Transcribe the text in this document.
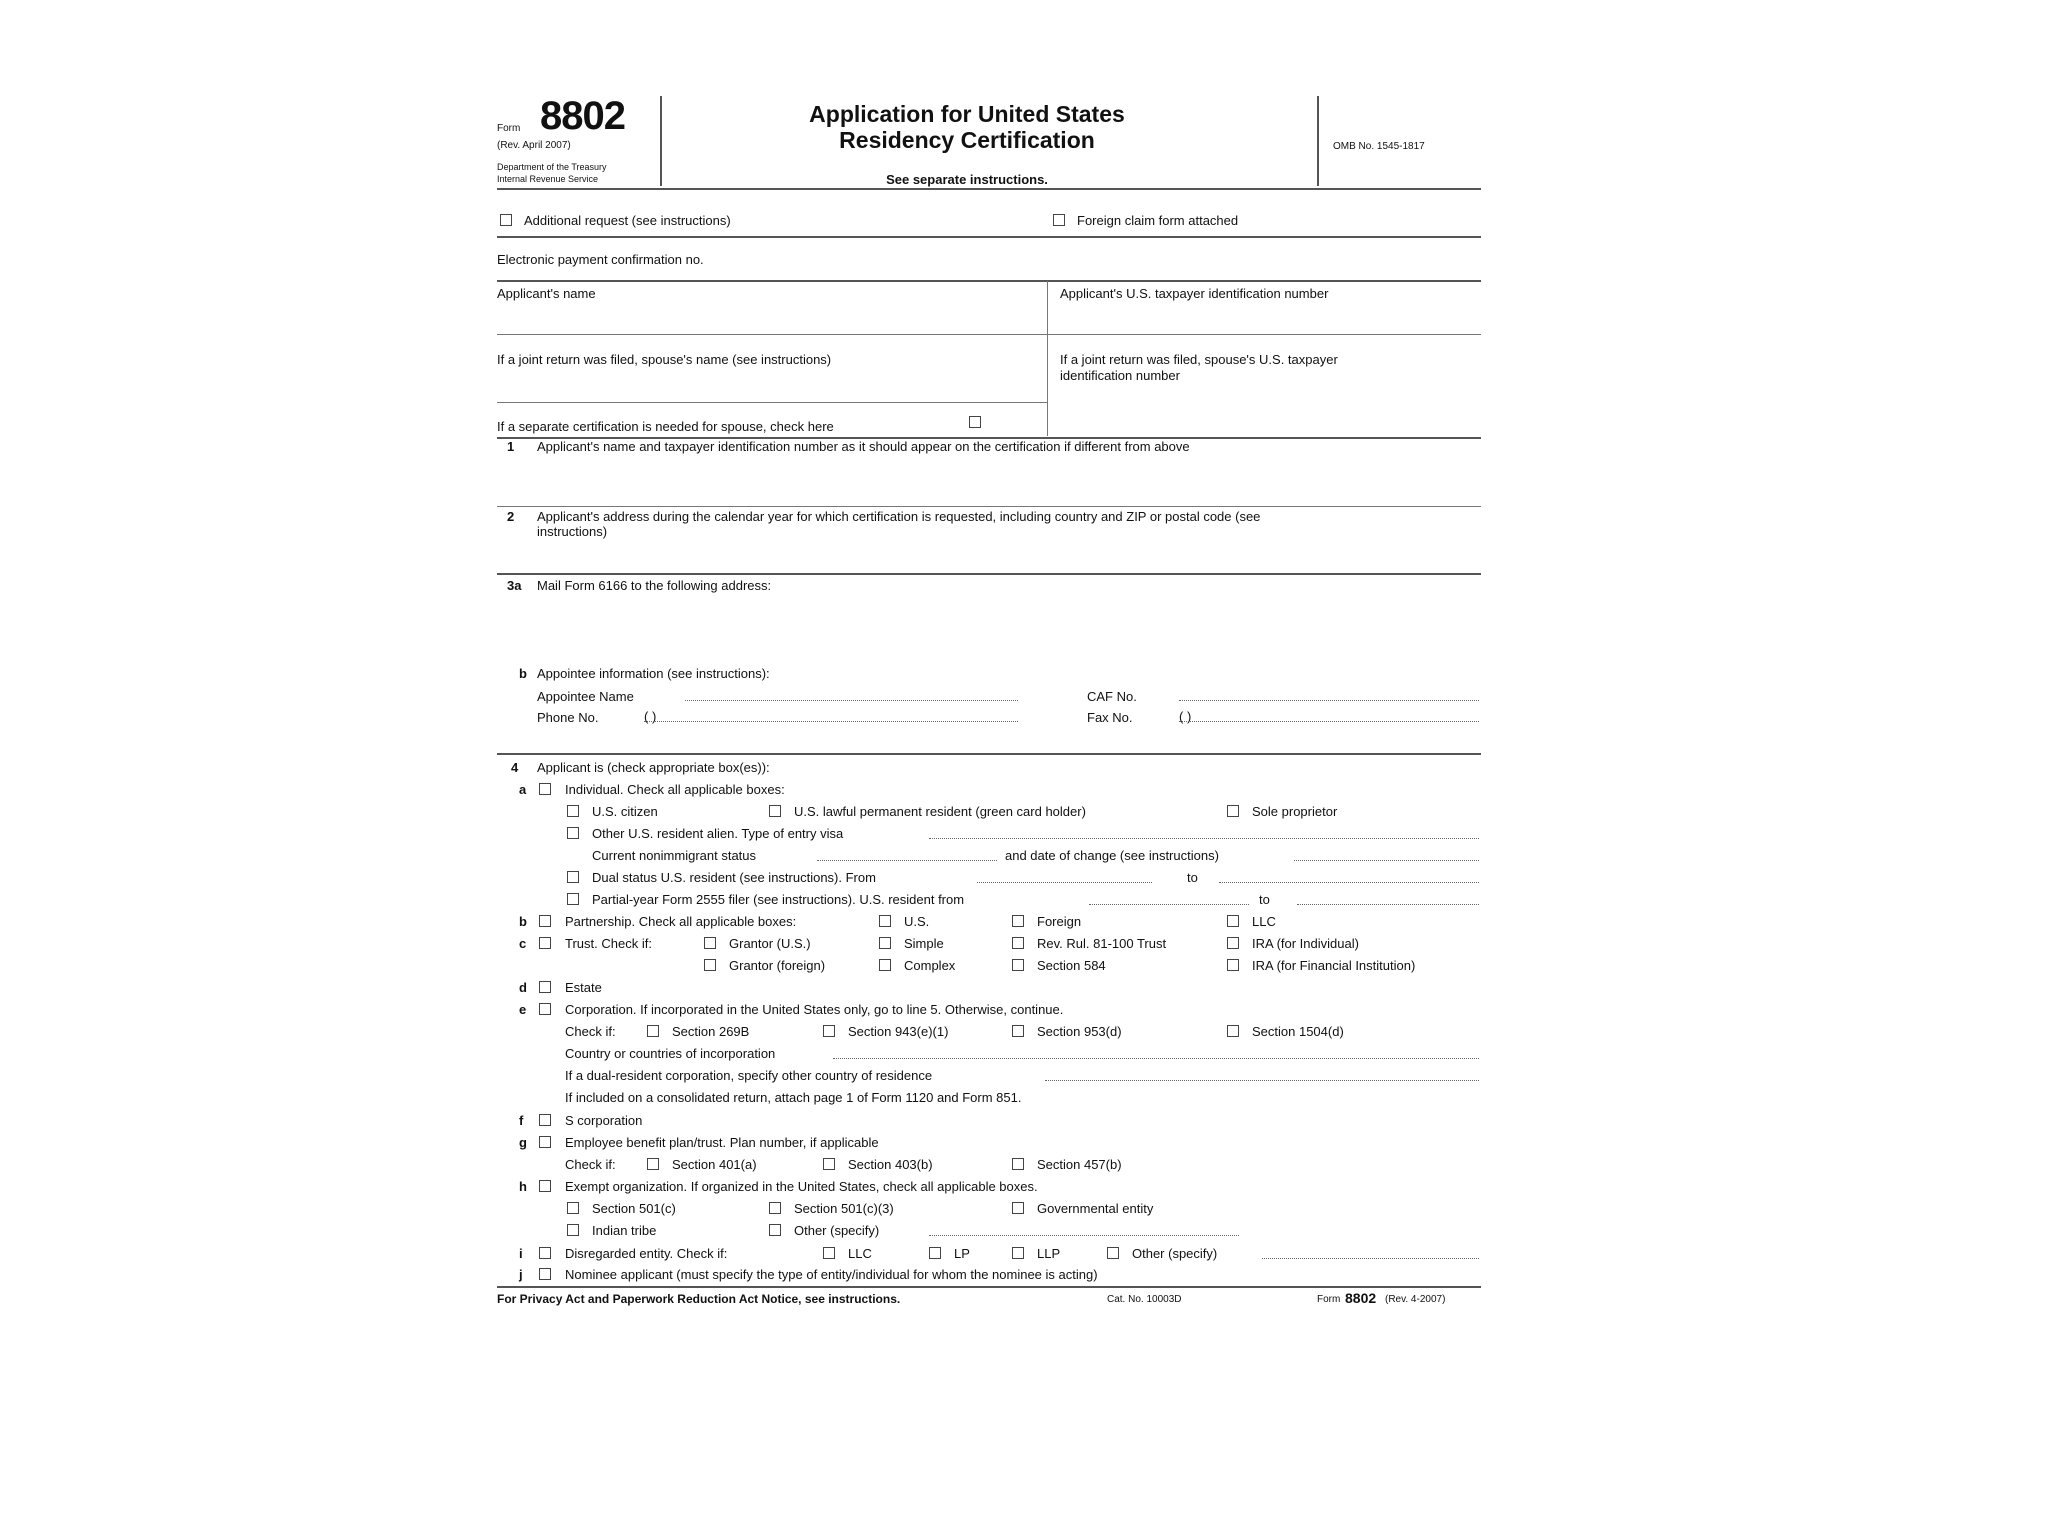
Form 8802
(Rev. April 2007)
Department of the Treasury
Internal Revenue Service
Application for United States
Residency Certification
See separate instructions.
OMB No. 1545-1817
Additional request (see instructions)	Foreign claim form attached
Electronic payment confirmation no.
Applicant's name	Applicant's U.S. taxpayer identification number
If a joint return was filed, spouse's name (see instructions)	If a joint return was filed, spouse's U.S. taxpayer
identification number
If a separate certification is needed for spouse, check here
1 Applicant's name and taxpayer identification number as it should appear on the certification if different from above
2 Applicant's address during the calendar year for which certification is requested, including country and ZIP or postal code (see
instructions)
3a Mail Form 6166 to the following address:
b Appointee information (see instructions):
Appointee Name	CAF No.
Phone No.	( )	Fax No.	( )
4 Applicant is (check appropriate box(es)):
a	Individual. Check all applicable boxes:
U.S. citizen	U.S. lawful permanent resident (green card holder)	Sole proprietor
Other U.S. resident alien. Type of entry visa
Current nonimmigrant status	and date of change (see instructions)
Dual status U.S. resident (see instructions). From	to
Partial-year Form 2555 filer (see instructions). U.S. resident from	to
b	Partnership. Check all applicable boxes:	U.S.	Foreign	LLC
c	Trust. Check if:	Grantor (U.S.)	Simple	Rev. Rul. 81-100 Trust	IRA (for Individual)
Grantor (foreign)	Complex	Section 584	IRA (for Financial Institution)
d	Estate
e	Corporation. If incorporated in the United States only, go to line 5. Otherwise, continue.
Check if:	Section 269B	Section 943(e)(1)	Section 953(d)	Section 1504(d)
Country or countries of incorporation
If a dual-resident corporation, specify other country of residence
If included on a consolidated return, attach page 1 of Form 1120 and Form 851.
f	S corporation
g	Employee benefit plan/trust. Plan number, if applicable
Check if:	Section 401(a)	Section 403(b)	Section 457(b)
h	Exempt organization. If organized in the United States, check all applicable boxes.
Section 501(c)	Section 501(c)(3)	Governmental entity
Indian tribe	Other (specify)
i	Disregarded entity. Check if:	LLC	LP	LLP	Other (specify)
j	Nominee applicant (must specify the type of entity/individual for whom the nominee is acting)
For Privacy Act and Paperwork Reduction Act Notice, see instructions.	Cat. No. 10003D	Form 8802 (Rev. 4-2007)
